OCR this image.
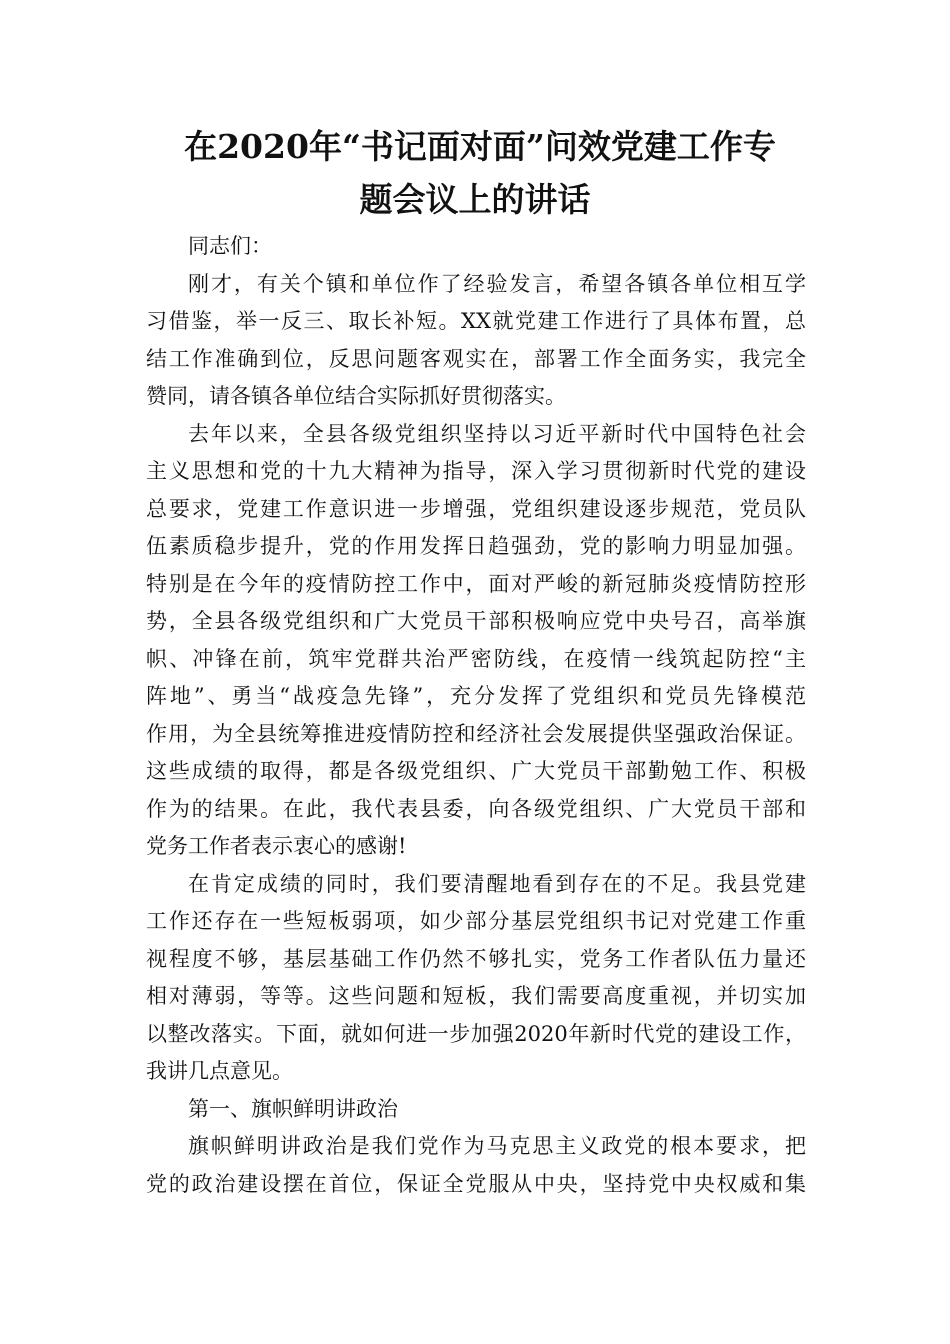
在2020年“书记面对面”问效党建工作专
题会议上的讲话
同志们：
刚才，有关个镇和单位作了经验发言，希望各镇各单位相互学
习借鉴，举一反三、取长补短。XX就党建工作进行了具体布置，总
结工作准确到位，反思问题客观实在，部署工作全面务实，我完全
赞同，请各镇各单位结合实际抓好贯彻落实。
去年以来，全县各级党组织坚持以习近平新时代中国特色社会
主义思想和党的十九大精神为指导，深入学习贯彻新时代党的建设
总要求，党建工作意识进一步增强，党组织建设逐步规范，党员队
伍素质稳步提升，党的作用发挥日趋强劲，党的影响力明显加强。
特别是在今年的疫情防控工作中，面对严峻的新冠肺炎疫情防控形
势，全县各级党组织和广大党员干部积极响应党中央号召，高举旗
帜、冲锋在前，筑牢党群共治严密防线，在疫情一线筑起防控“主
阵地”、勇当“战疫急先锋”，充分发挥了党组织和党员先锋模范
作用，为全县统筹推进疫情防控和经济社会发展提供坚强政治保证。
这些成绩的取得，都是各级党组织、广大党员干部勤勉工作、积极
作为的结果。在此，我代表县委，向各级党组织、广大党员干部和
党务工作者表示衷心的感谢!
在肯定成绩的同时，我们要清醒地看到存在的不足。我县党建
工作还存在一些短板弱项，如少部分基层党组织书记对党建工作重
视程度不够，基层基础工作仍然不够扎实，党务工作者队伍力量还
相对薄弱，等等。这些问题和短板，我们需要高度重视，并切实加
以整改落实。下面，就如何进一步加强2020年新时代党的建设工作，
我讲几点意见。
第一、旗帜鲜明讲政治
旗帜鲜明讲政治是我们党作为马克思主义政党的根本要求，把
党的政治建设摆在首位，保证全党服从中央，坚持党中央权威和集
